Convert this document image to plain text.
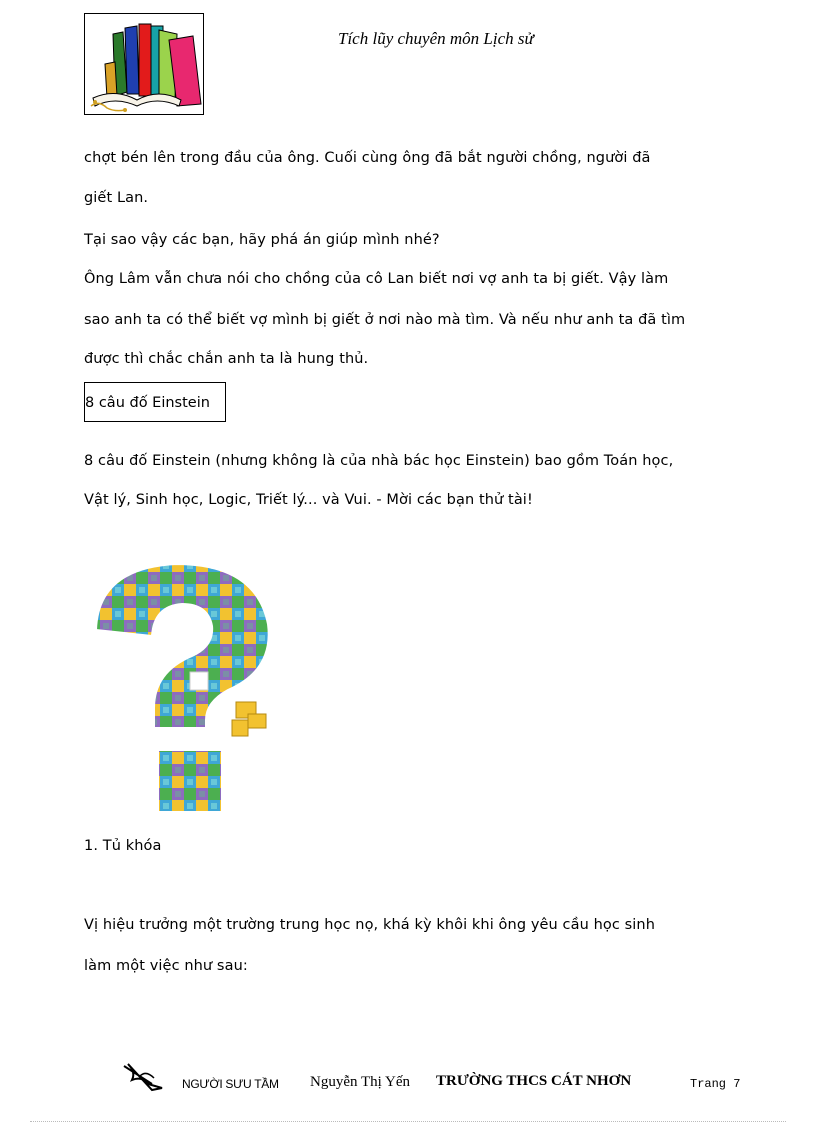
Tích lũy chuyên môn Lịch sử
chợt bén lên trong đầu của ông. Cuối cùng ông đã bắt người chồng, người đã
giết Lan.
Tại sao vậy các bạn, hãy phá án giúp mình nhé?
Ông Lâm vẫn chưa nói cho chồng của cô Lan biết nơi vợ anh ta bị giết. Vậy làm
sao anh ta có thể biết vợ mình bị giết ở nơi nào mà tìm. Và nếu như anh ta đã tìm
được thì chắc chắn anh ta là hung thủ.
8 câu đố Einstein
8 câu đố Einstein (nhưng không là của nhà bác học Einstein) bao gồm Toán học,
Vật lý, Sinh học, Logic, Triết lý... và Vui. - Mời các bạn thử tài!
1. Tủ khóa
Vị hiệu trưởng một trường trung học nọ, khá kỳ khôi khi ông yêu cầu học sinh
làm một việc như sau:
NGƯỜI SƯU TẦM Nguyễn Thị Yến TRƯỜNG THCS CÁT NHƠN	Trang 7
